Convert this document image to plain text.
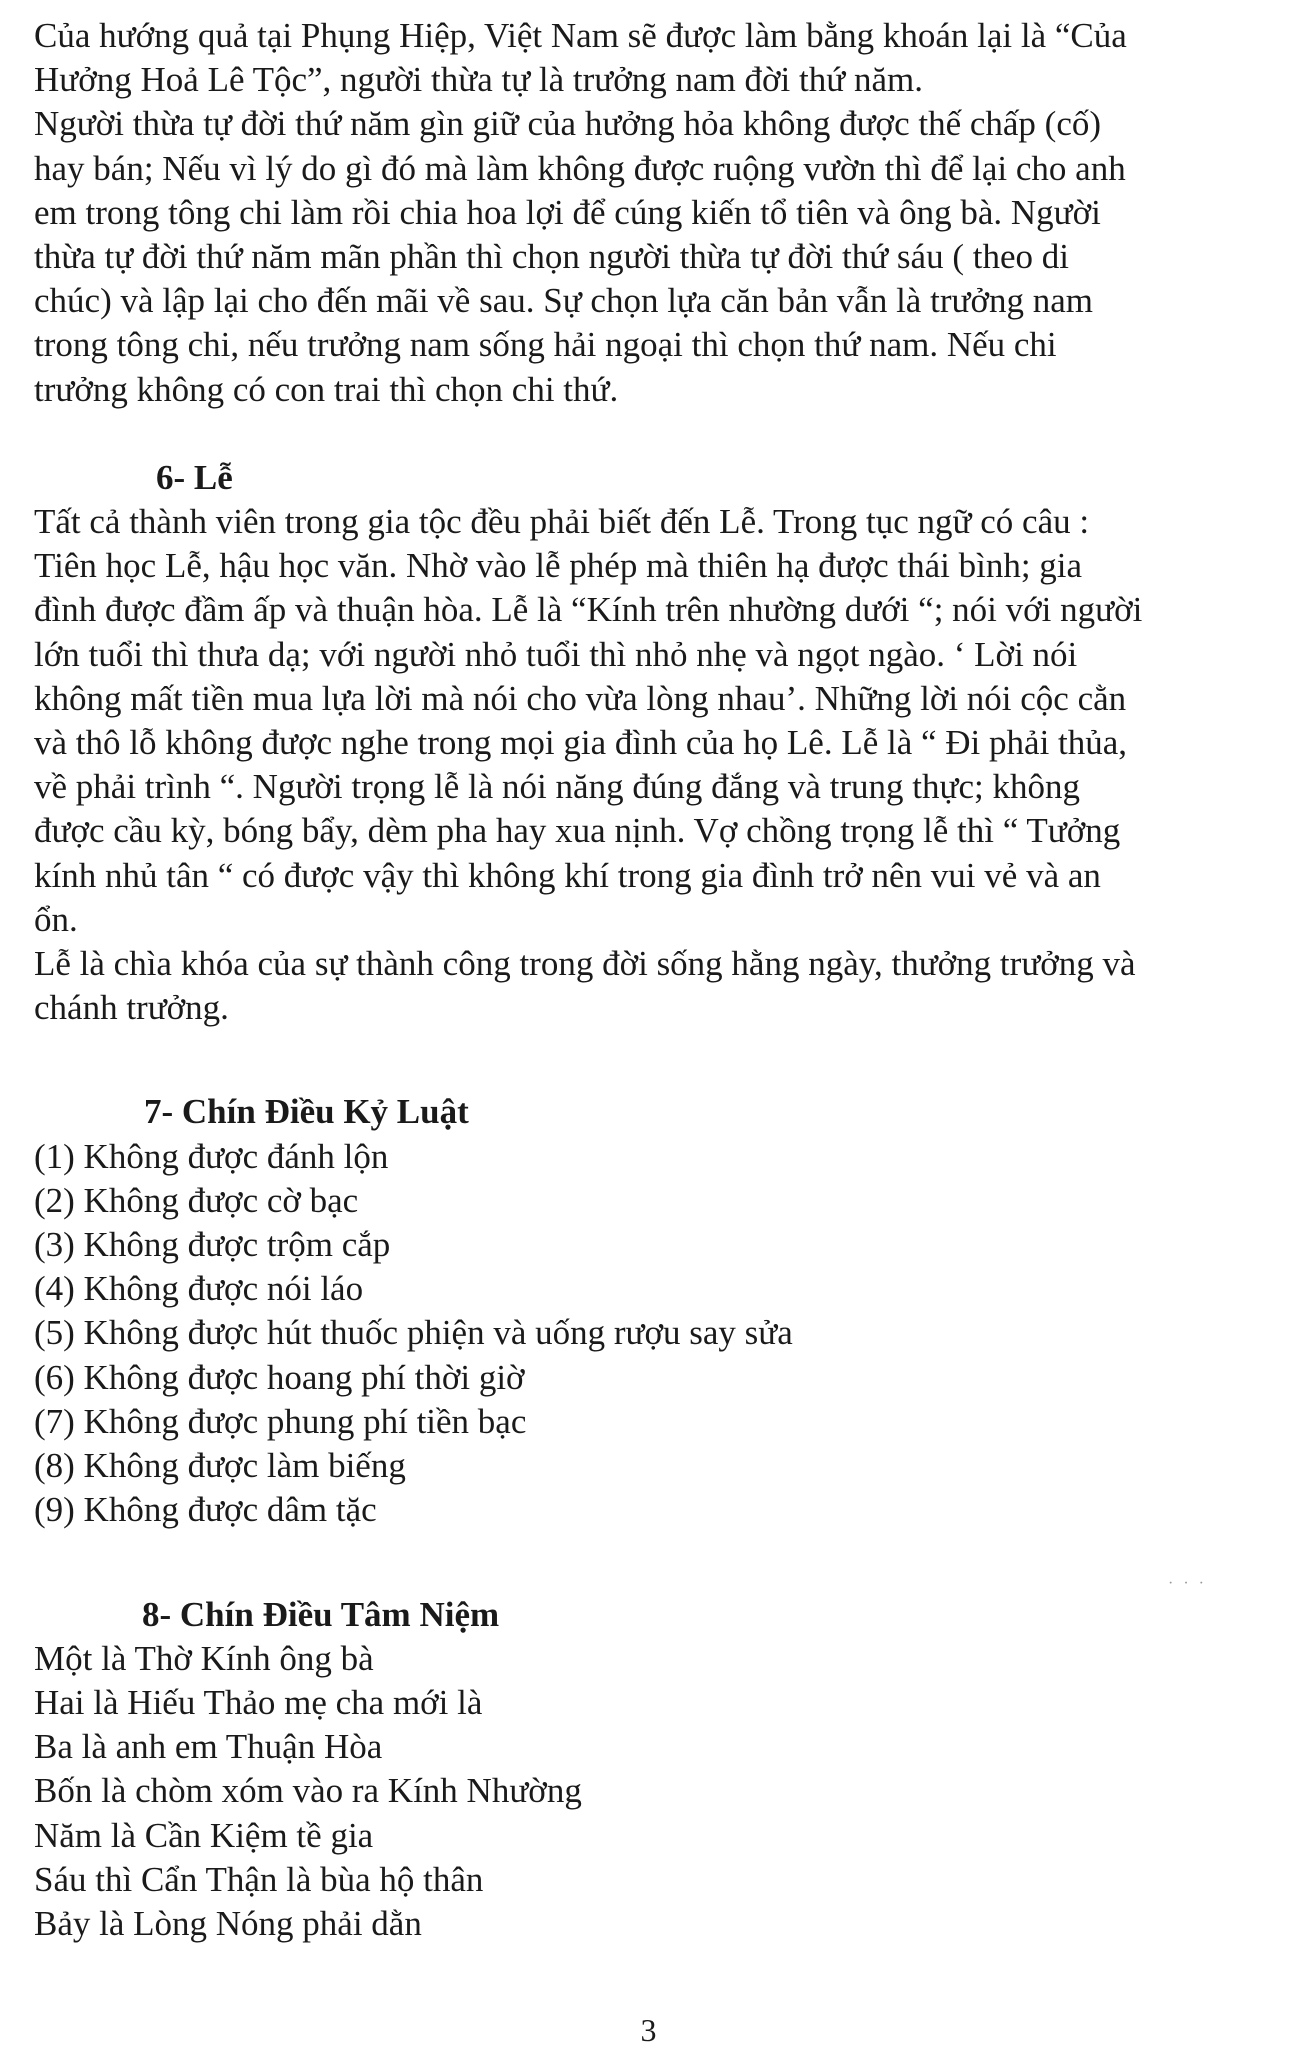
Của hướng quả tại Phụng Hiệp, Việt Nam sẽ được làm bằng khoán lại là “Của
Hưởng Hoả Lê Tộc”, người thừa tự là trưởng nam đời thứ năm.
Người thừa tự đời thứ năm gìn giữ của hưởng hỏa không được thế chấp (cố)
hay bán; Nếu vì lý do gì đó mà làm không được ruộng vườn thì để lại cho anh
em trong tông chi làm rồi chia hoa lợi để cúng kiến tổ tiên và ông bà. Người
thừa tự đời thứ năm mãn phần thì chọn người thừa tự đời thứ sáu ( theo di
chúc) và lập lại cho đến mãi về sau. Sự chọn lựa căn bản vẫn là trưởng nam
trong tông chi, nếu trưởng nam sống hải ngoại thì chọn thứ nam. Nếu chi
trưởng không có con trai thì chọn chi thứ.
6- Lễ
Tất cả thành viên trong gia tộc đều phải biết đến Lễ. Trong tục ngữ có câu :
Tiên học Lễ, hậu học văn. Nhờ vào lễ phép mà thiên hạ được thái bình; gia
đình được đầm ấp và thuận hòa. Lễ là “Kính trên nhường dưới “; nói với người
lớn tuổi thì thưa dạ; với người nhỏ tuổi thì nhỏ nhẹ và ngọt ngào. ‘ Lời nói
không mất tiền mua lựa lời mà nói cho vừa lòng nhau’. Những lời nói cộc cằn
và thô lỗ không được nghe trong mọi gia đình của họ Lê. Lễ là “ Đi phải thủa,
về phải trình “. Người trọng lễ là nói năng đúng đắng và trung thực; không
được cầu kỳ, bóng bẩy, dèm pha hay xua nịnh. Vợ chồng trọng lễ thì “ Tưởng
kính nhủ tân “ có được vậy thì không khí trong gia đình trở nên vui vẻ và an
ổn.
Lễ là chìa khóa của sự thành công trong đời sống hằng ngày, thưởng trưởng và
chánh trưởng.
7- Chín Điều Kỷ Luật
(1) Không được đánh lộn
(2) Không được cờ bạc
(3) Không được trộm cắp
(4) Không được nói láo
(5) Không được hút thuốc phiện và uống rượu say sửa
(6) Không được hoang phí thời giờ
(7) Không được phung phí tiền bạc
(8) Không được làm biếng
(9) Không được dâm tặc
8- Chín Điều Tâm Niệm
Một là Thờ Kính ông bà
Hai là Hiếu Thảo mẹ cha mới là
Ba là anh em Thuận Hòa
Bốn là chòm xóm vào ra Kính Nhường
Năm là Cần Kiệm tề gia
Sáu thì Cẩn Thận là bùa hộ thân
Bảy là Lòng Nóng phải dằn
· · ·
3
